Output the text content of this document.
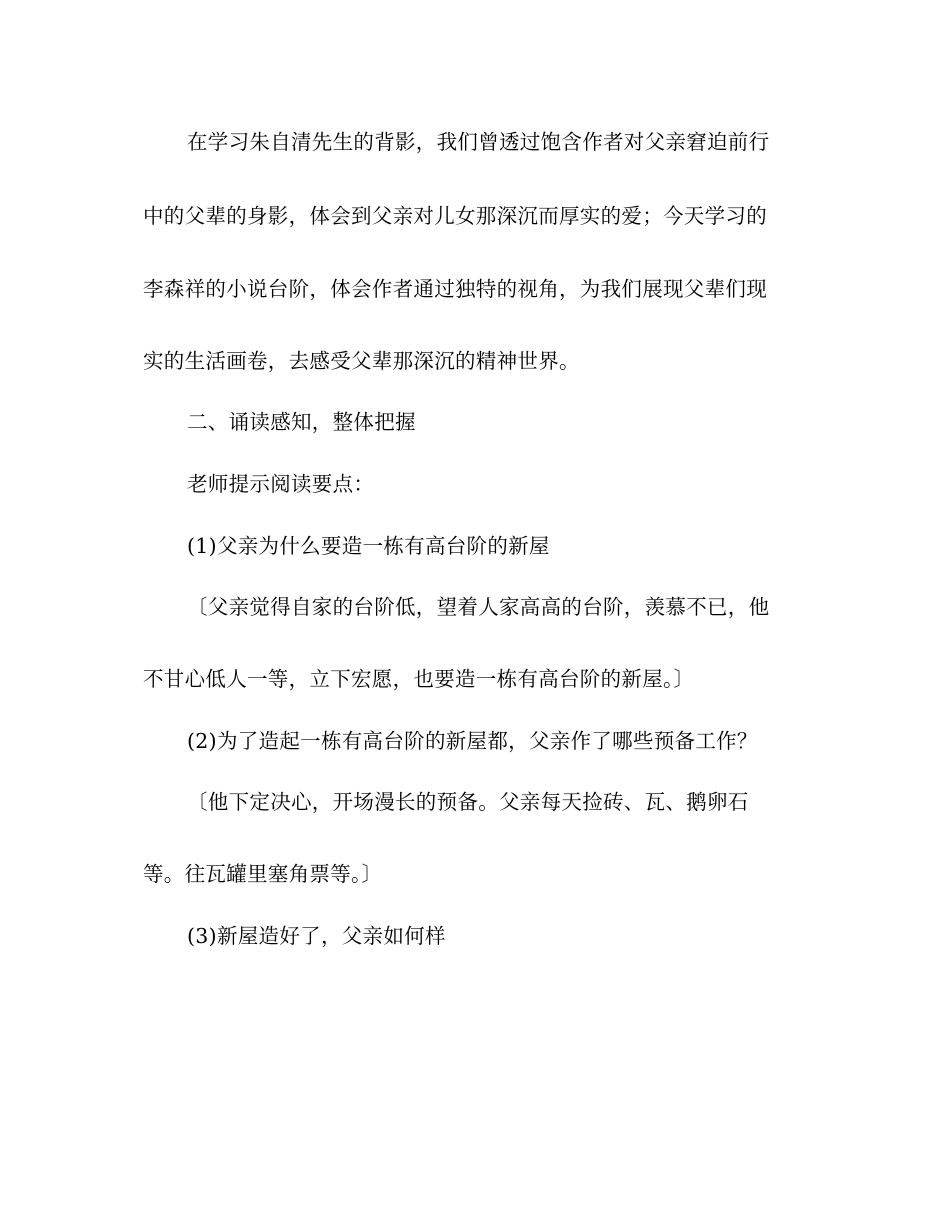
在学习朱自清先生的背影，我们曾透过饱含作者对父亲窘迫前行
中的父辈的身影，体会到父亲对儿女那深沉而厚实的爱；今天学习的
李森祥的小说台阶，体会作者通过独特的视角，为我们展现父辈们现
实的生活画卷，去感受父辈那深沉的精神世界。
二、诵读感知，整体把握
老师提示阅读要点：
(1)父亲为什么要造一栋有高台阶的新屋
〔父亲觉得自家的台阶低，望着人家高高的台阶，羡慕不已，他
不甘心低人一等，立下宏愿，也要造一栋有高台阶的新屋。〕
(2)为了造起一栋有高台阶的新屋都，父亲作了哪些预备工作？
〔他下定决心，开场漫长的预备。父亲每天捡砖、瓦、鹅卵石
等。往瓦罐里塞角票等。〕
(3)新屋造好了，父亲如何样
